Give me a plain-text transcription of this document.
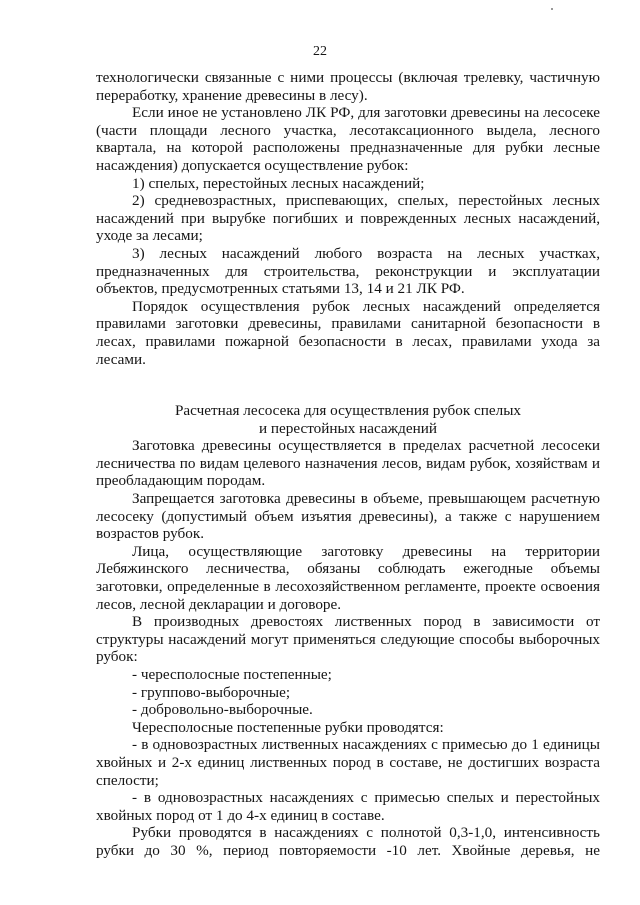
22

технологически связанные с ними процессы (включая трелевку, частичную переработку, хранение древесины в лесу).

Если иное не установлено ЛК РФ, для заготовки древесины на лесосеке (части площади лесного участка, лесотаксационного выдела, лесного квартала, на которой расположены предназначенные для рубки лесные насаждения) допускается осуществление рубок:

1) спелых, перестойных лесных насаждений;

2) средневозрастных, приспевающих, спелых, перестойных лесных насаждений при вырубке погибших и поврежденных лесных насаждений, уходе за лесами;

3) лесных насаждений любого возраста на лесных участках, предназначенных для строительства, реконструкции и эксплуатации объектов, предусмотренных статьями 13, 14 и 21 ЛК РФ.

Порядок осуществления рубок лесных насаждений определяется правилами заготовки древесины, правилами санитарной безопасности в лесах, правилами пожарной безопасности в лесах, правилами ухода за лесами.

Расчетная лесосека для осуществления рубок спелых
и перестойных насаждений

Заготовка древесины осуществляется в пределах расчетной лесосеки лесничества по видам целевого назначения лесов, видам рубок, хозяйствам и преобладающим породам.

Запрещается заготовка древесины в объеме, превышающем расчетную лесосеку (допустимый объем изъятия древесины), а также с нарушением возрастов рубок.

Лица, осуществляющие заготовку древесины на территории Лебяжинского лесничества, обязаны соблюдать ежегодные объемы заготовки, определенные в лесохозяйственном регламенте, проекте освоения лесов, лесной декларации и договоре.

В производных древостоях лиственных пород в зависимости от структуры насаждений могут применяться следующие способы выборочных рубок:

- чересполосные постепенные;

- группово-выборочные;

- добровольно-выборочные.

Чересполосные постепенные рубки проводятся:

- в одновозрастных лиственных насаждениях с примесью до 1 единицы хвойных и 2-х единиц лиственных пород в составе, не достигших возраста спелости;

- в одновозрастных насаждениях с примесью спелых и перестойных хвойных пород от 1 до 4-х единиц в составе.

Рубки проводятся в насаждениях с полнотой 0,3-1,0, интенсивность рубки до 30 %, период повторяемости -10 лет. Хвойные деревья, не
